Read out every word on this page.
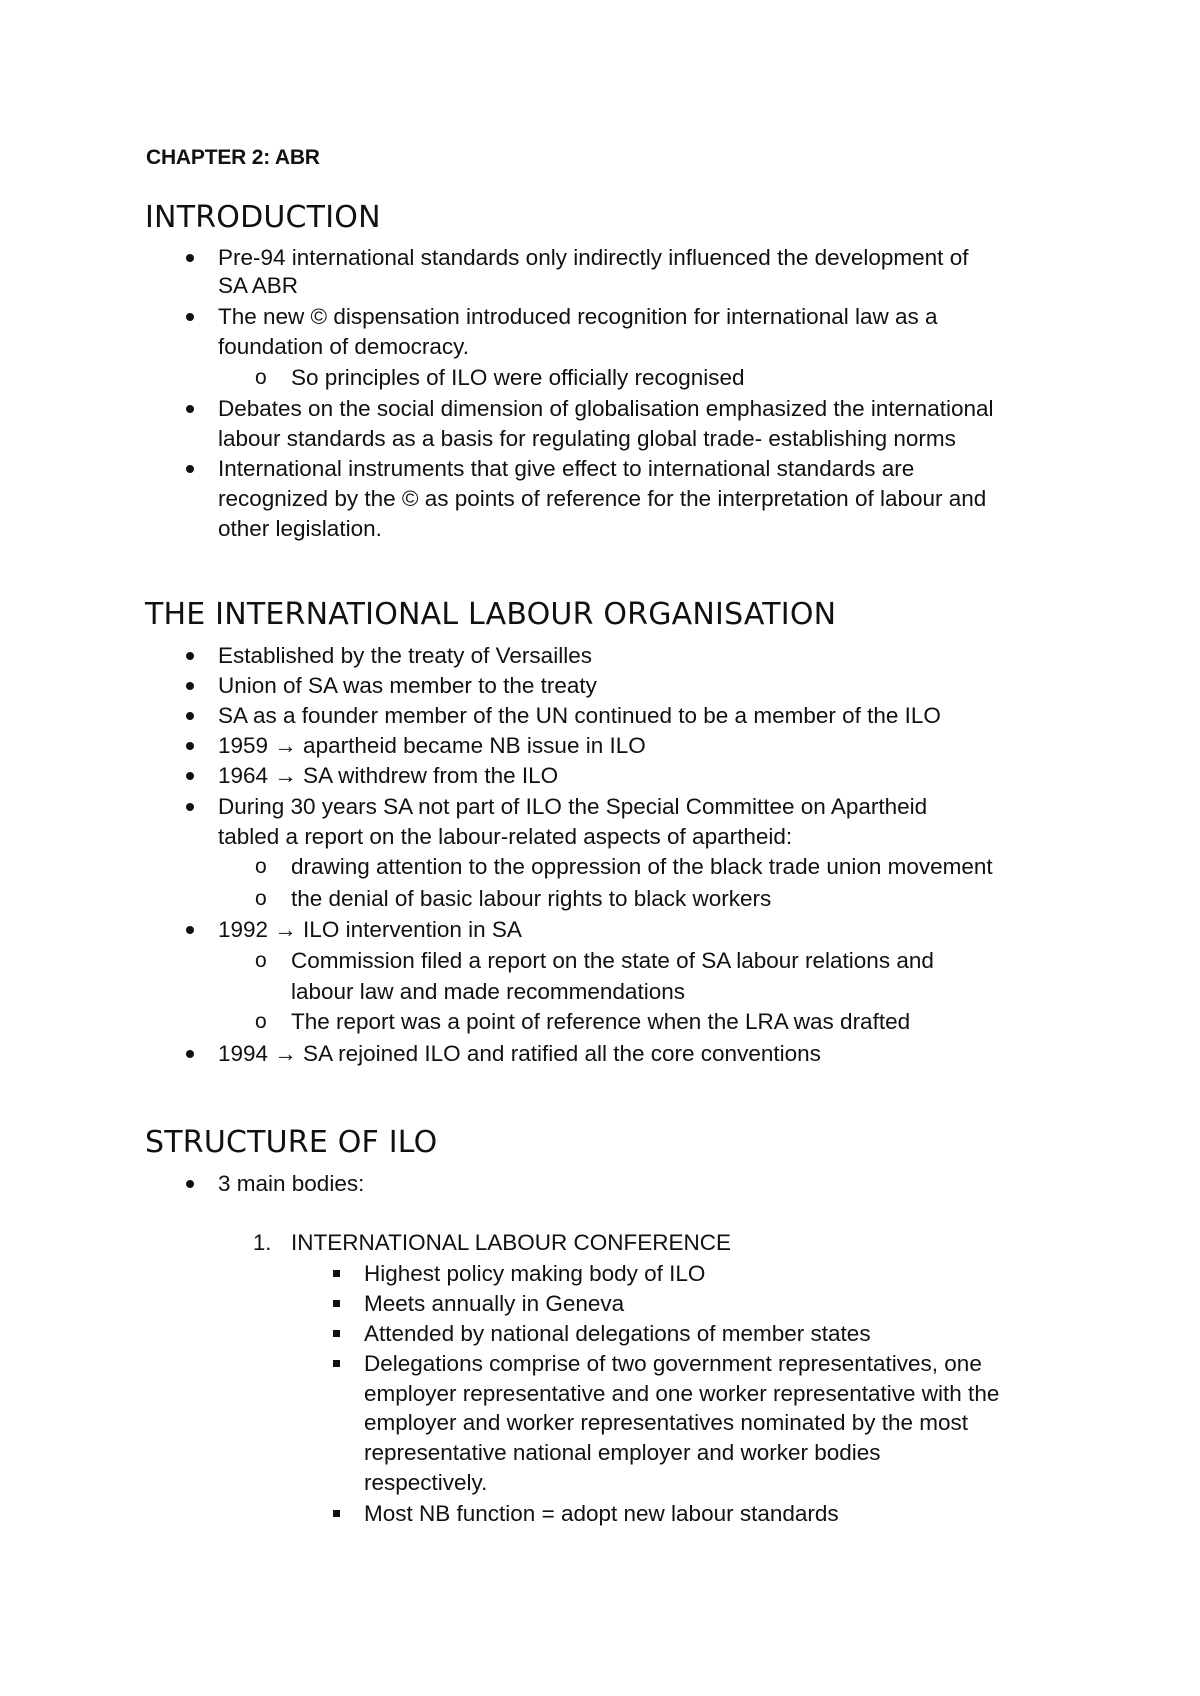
CHAPTER 2: ABR
INTRODUCTION
Pre-94 international standards only indirectly influenced the development of
SA ABR
The new © dispensation introduced recognition for international law as a
foundation of democracy.
o So principles of ILO were officially recognised
Debates on the social dimension of globalisation emphasized the international
labour standards as a basis for regulating global trade- establishing norms
International instruments that give effect to international standards are
recognized by the © as points of reference for the interpretation of labour and
other legislation.
THE INTERNATIONAL LABOUR ORGANISATION
Established by the treaty of Versailles
Union of SA was member to the treaty
SA as a founder member of the UN continued to be a member of the ILO
1959 → apartheid became NB issue in ILO
1964 → SA withdrew from the ILO
During 30 years SA not part of ILO the Special Committee on Apartheid
tabled a report on the labour-related aspects of apartheid:
o drawing attention to the oppression of the black trade union movement
o the denial of basic labour rights to black workers
1992 → ILO intervention in SA
o Commission filed a report on the state of SA labour relations and
labour law and made recommendations
o The report was a point of reference when the LRA was drafted
1994 → SA rejoined ILO and ratified all the core conventions
STRUCTURE OF ILO
3 main bodies:
1. INTERNATIONAL LABOUR CONFERENCE
Highest policy making body of ILO
Meets annually in Geneva
Attended by national delegations of member states
Delegations comprise of two government representatives, one
employer representative and one worker representative with the
employer and worker representatives nominated by the most
representative national employer and worker bodies
respectively.
Most NB function = adopt new labour standards
